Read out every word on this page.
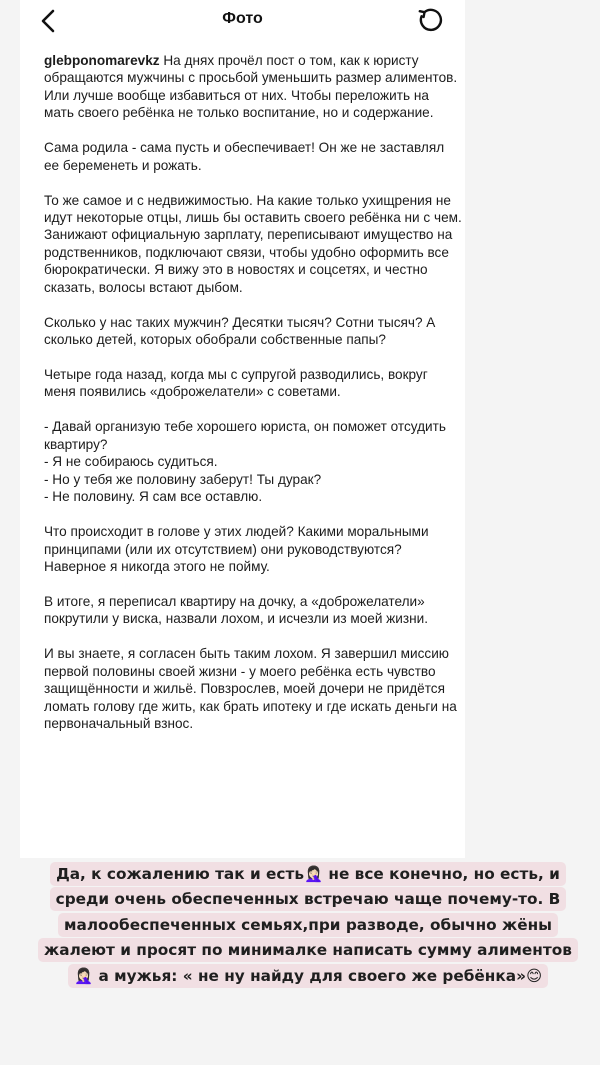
Фото

glebponomarevkz На днях прочёл пост о том, как к юристу обращаются мужчины с просьбой уменьшить размер алиментов. Или лучше вообще избавиться от них. Чтобы переложить на мать своего ребёнка не только воспитание, но и содержание.

Сама родила - сама пусть и обеспечивает! Он же не заставлял ее беременеть и рожать.

То же самое и с недвижимостью. На какие только ухищрения не идут некоторые отцы, лишь бы оставить своего ребёнка ни с чем. Занижают официальную зарплату, переписывают имущество на родственников, подключают связи, чтобы удобно оформить все бюрократически. Я вижу это в новостях и соцсетях, и честно сказать, волосы встают дыбом.

Сколько у нас таких мужчин? Десятки тысяч? Сотни тысяч? А сколько детей, которых обобрали собственные папы?

Четыре года назад, когда мы с супругой разводились, вокруг меня появились «доброжелатели» с советами.

- Давай организую тебе хорошего юриста, он поможет отсудить квартиру?
- Я не собираюсь судиться.
- Но у тебя же половину заберут! Ты дурак?
- Не половину. Я сам все оставлю.

Что происходит в голове у этих людей? Какими моральными принципами (или их отсутствием) они руководствуются? Наверное я никогда этого не пойму.

В итоге, я переписал квартиру на дочку, а «доброжелатели» покрутили у виска, назвали лохом, и исчезли из моей жизни.

И вы знаете, я согласен быть таким лохом. Я завершил миссию первой половины своей жизни - у моего ребёнка есть чувство защищённости и жильё. Повзрослев, моей дочери не придётся ломать голову где жить, как брать ипотеку и где искать деньги на первоначальный взнос.

Да, к сожалению так и есть🤦🏻‍♀️ не все конечно, но есть, и среди очень обеспеченных встречаю чаще почему-то. В малообеспеченных семьях,при разводе, обычно жёны жалеют и просят по минималке написать сумму алиментов 🤦🏻‍♀️ а мужья: « не ну найду для своего же ребёнка»😊
